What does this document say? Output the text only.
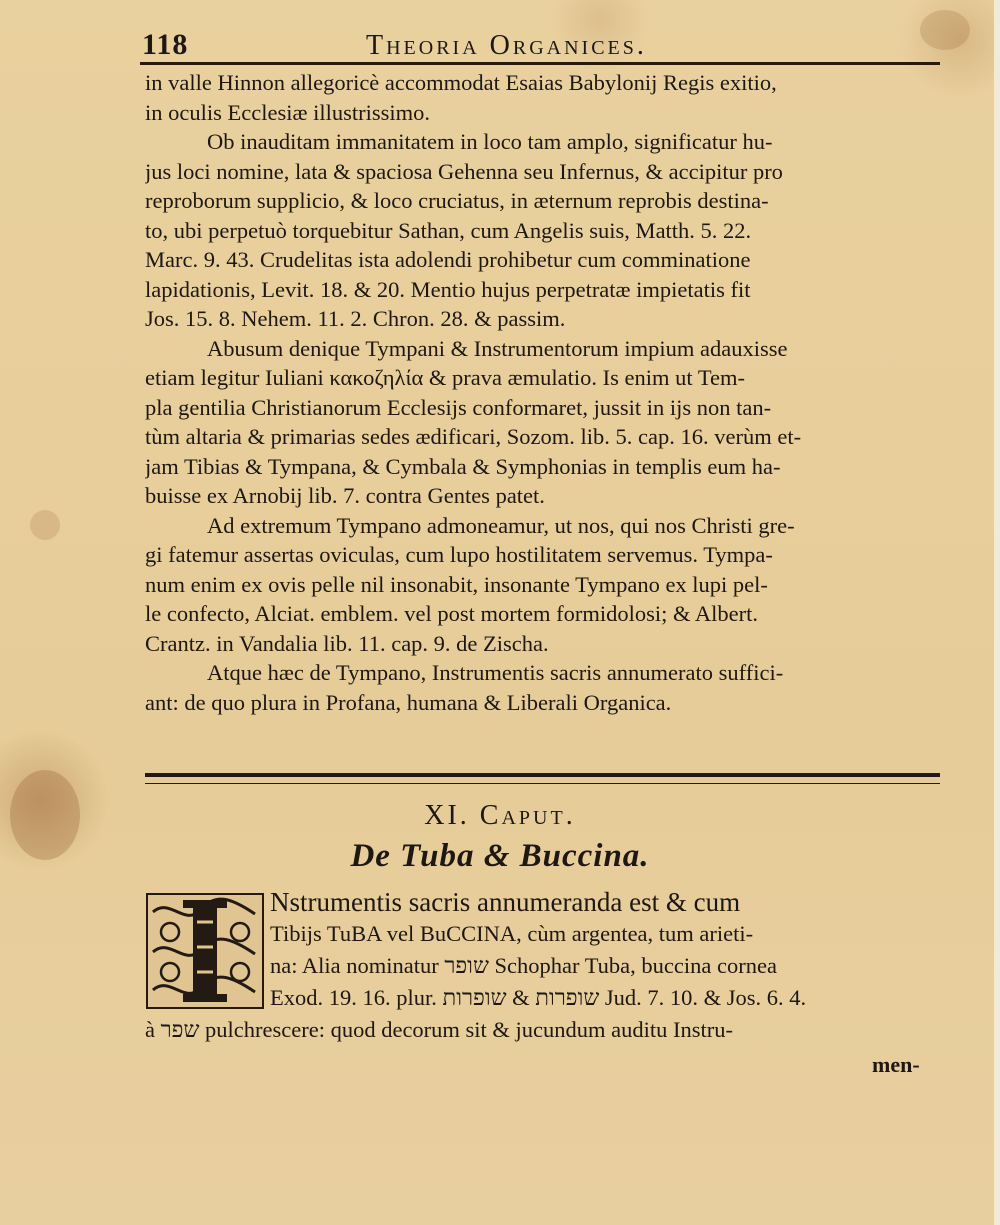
118	Theoria Organices.
in valle Hinnon allegoricè accommodat Esaias Babylonij Regis exitio,
in oculis Ecclesiæ illustrissimo.
Ob inauditam immanitatem in loco tam amplo, significatur hu-
jus loci nomine, lata & spaciosa Gehenna seu Infernus, & accipitur pro
reproborum supplicio, & loco cruciatus, in æternum reprobis destina-
to, ubi perpetuò torquebitur Sathan, cum Angelis suis, Matth. 5. 22.
Marc. 9. 43. Crudelitas ista adolendi prohibetur cum comminatione
lapidationis, Levit. 18. & 20. Mentio hujus perpetratæ impietatis fit
Jos. 15. 8. Nehem. 11. 2. Chron. 28. & passim.
Abusum denique Tympani & Instrumentorum impium adauxisse
etiam legitur Iuliani κακοζηλία & prava æmulatio. Is enim ut Tem-
pla gentilia Christianorum Ecclesijs conformaret, jussit in ijs non tan-
tùm altaria & primarias sedes ædificari, Sozom. lib. 5. cap. 16. verùm et-
jam Tibias & Tympana, & Cymbala & Symphonias in templis eum ha-
buisse ex Arnobij lib. 7. contra Gentes patet.
Ad extremum Tympano admoneamur, ut nos, qui nos Christi gre-
gi fatemur assertas oviculas, cum lupo hostilitatem servemus. Tympa-
num enim ex ovis pelle nil insonabit, insonante Tympano ex lupi pel-
le confecto, Alciat. emblem. vel post mortem formidolosi; & Albert.
Crantz. in Vandalia lib. 11. cap. 9. de Zischa.
Atque hæc de Tympano, Instrumentis sacris annumerato suffici-
ant: de quo plura in Profana, humana & Liberali Organica.
XI. Caput.
De Tuba & Buccina.
Nstrumentis sacris annumeranda est & cum
Tibijs TuBA vel BuCCINA, cùm argentea, tum arieti-
na: Alia nominatur שופר Schophar Tuba, buccina cornea
Exod. 19. 16. plur. שופרות & שופרות Jud. 7. 10. & Jos. 6. 4.
à שפר pulchrescere: quod decorum sit & jucundum auditu Instru-
men-
